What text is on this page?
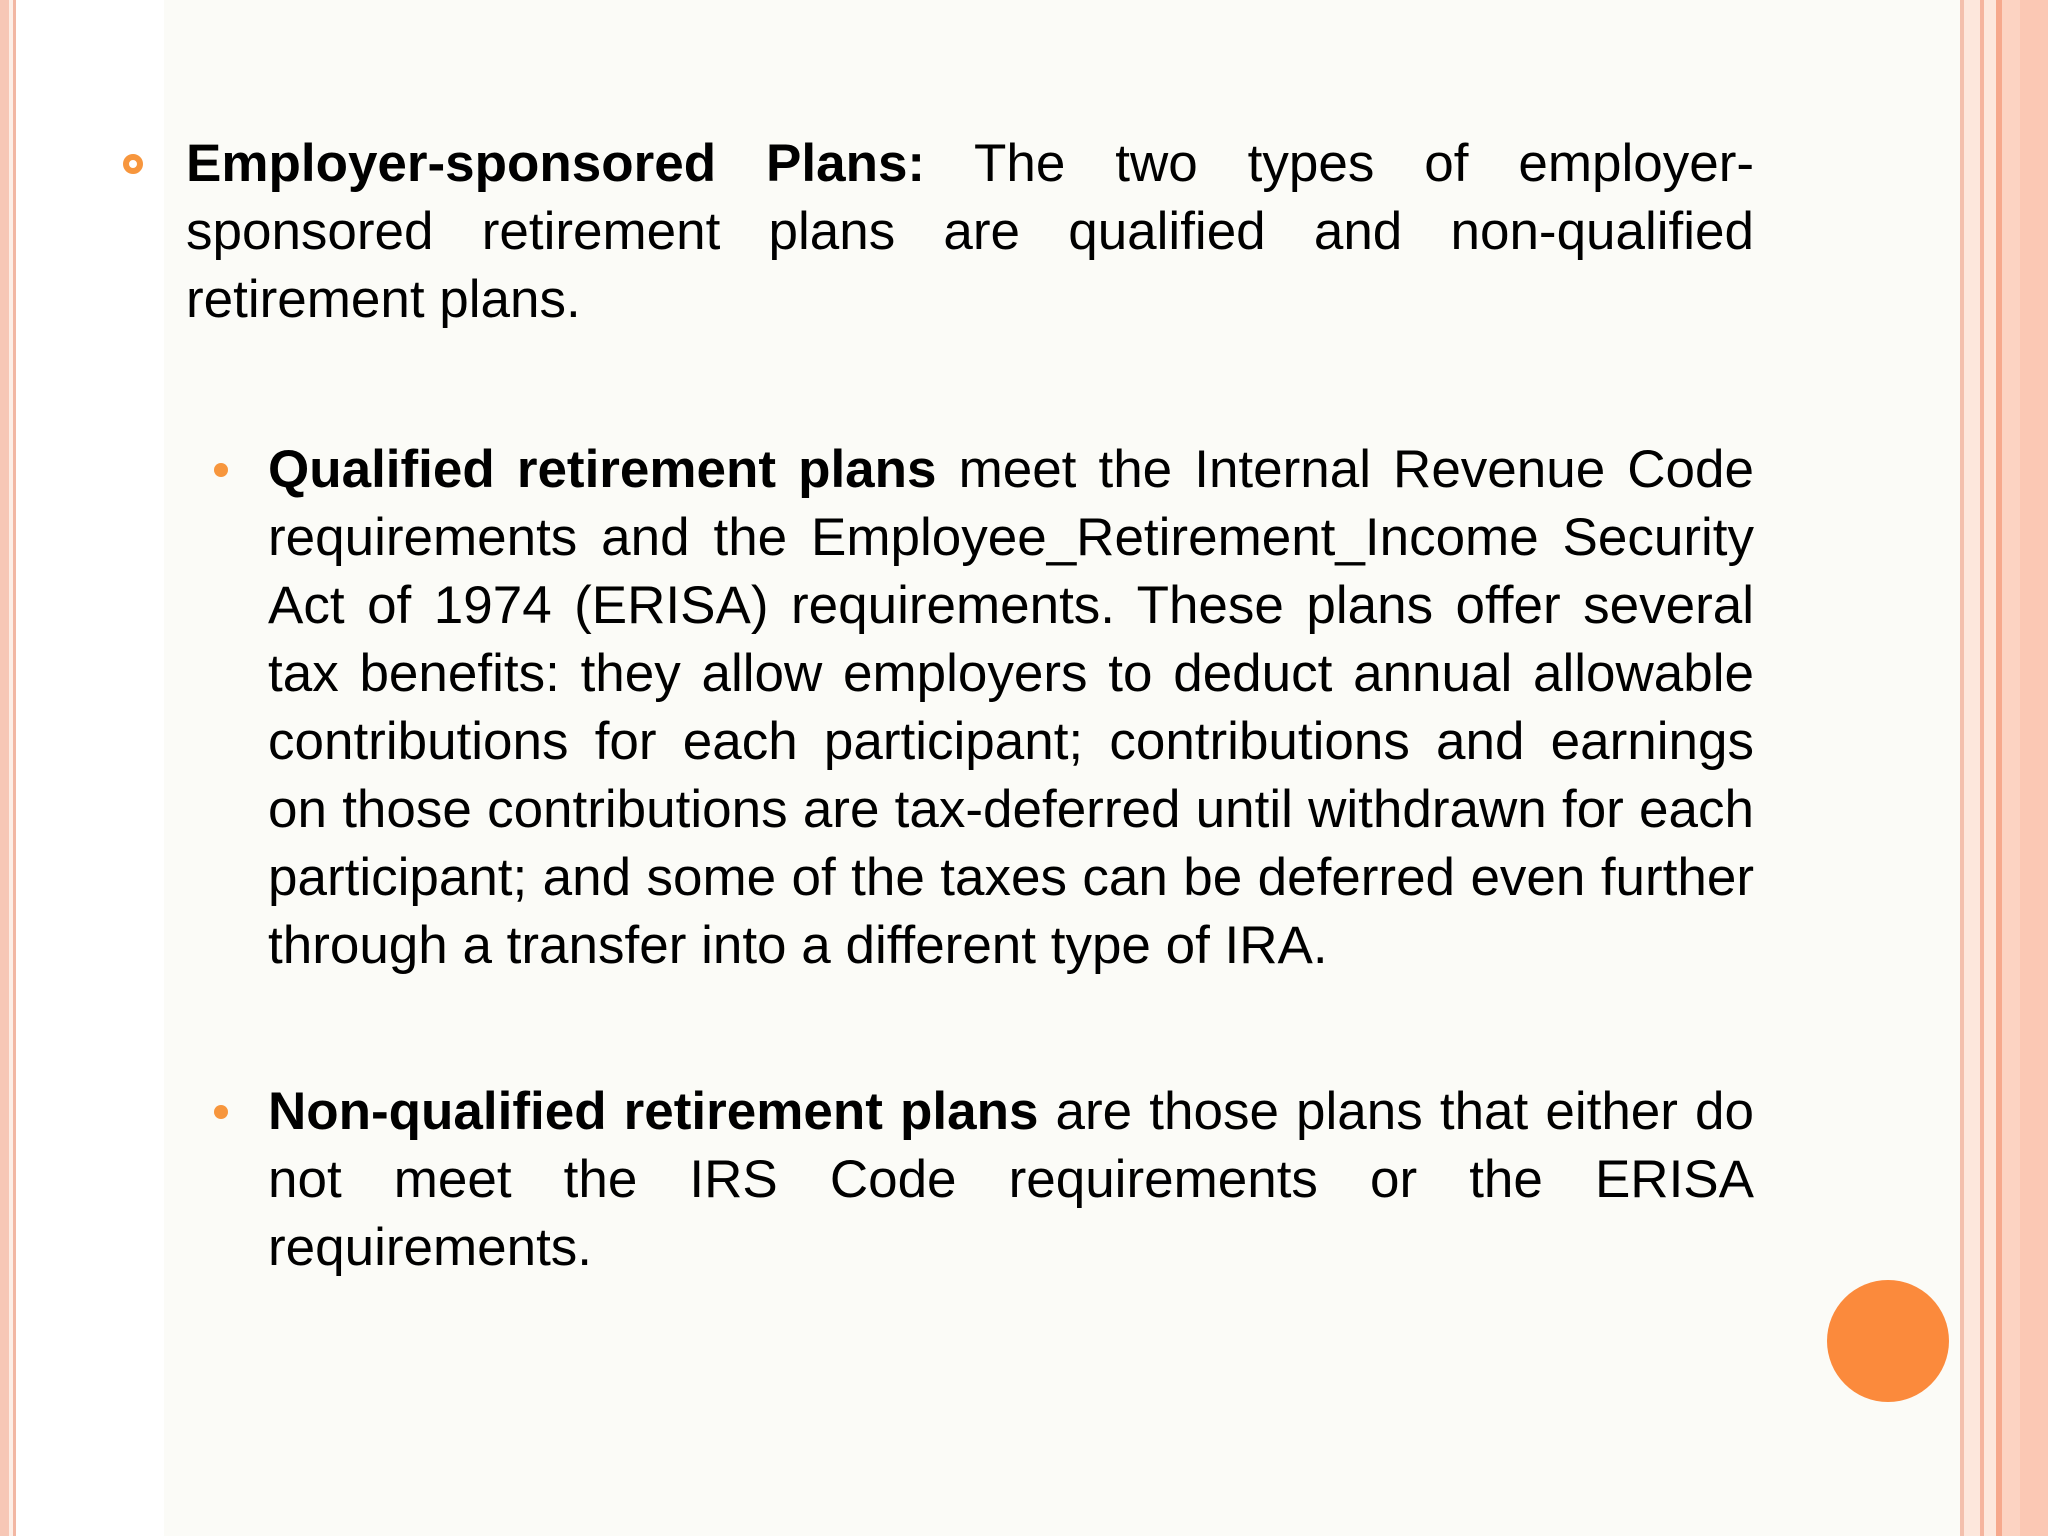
Employer-sponsored Plans: The two types of employer-sponsored retirement plans are qualified and non-qualified retirement plans.
Qualified retirement plans meet the Internal Revenue Code requirements and the Employee_Retirement_Income Security Act of 1974 (ERISA) requirements. These plans offer several tax benefits: they allow employers to deduct annual allowable contributions for each participant; contributions and earnings on those contributions are tax-deferred until withdrawn for each participant; and some of the taxes can be deferred even further through a transfer into a different type of IRA.
Non-qualified retirement plans are those plans that either do not meet the IRS Code requirements or the ERISA requirements.
